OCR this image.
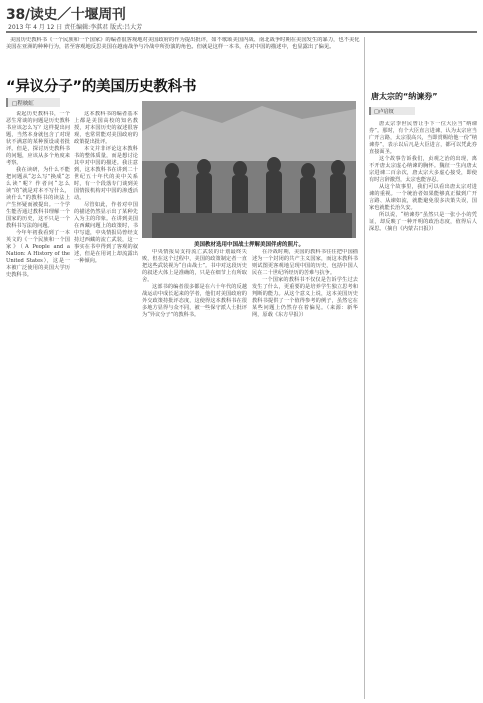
38/读史／十堰周刊
2013 年 4 月 12 日 责任编辑:李淇君 版式:吕大芳
美国历史教科书《一个民族和一个国家》的编者很客观地对美国政府的作为提出批评，如不歌颂美国内战、南北战争时期在美国发生的暴力，也不美化美国在亚洲的种种行为，甚至客观地反思美国在越南战争与冷战中所扮演的角色。但就是这样一本书，在对中国的描述中，也显露出了偏见。
“异议分子”的美国历史教科书
□程映虹

说起历史教科书，一个恶生常谈的问题是历史教科书应该怎么写？这样提出问题，当然本身就包含了对现状不满意的某种预设或者批评。但是，探讨历史教科书的问题，应该从多个角度来考察。

我在读研，为什么不能把问题从“怎么写”换成“怎么读”呢？作者问“怎么读”的“就是对本不写什么，读什么”的教科书的读法上产生怀疑而被提出。一个学生能否通过教科书理解一个国家的历史，这不只是一个教科书写法的问题。

今年年初我看到了一本英文的《一个民族和一个国家》（A People and a Nation: A History of the United States），这是一本被广泛使用的美国大学历史教科书。

这本教科书的编者基本上都是美国高校的知名教授，对本国历史的叙述很客观，也常常能对美国政府的政策提出批评。

本文并非评论这本教科书的整体质量，而是想讨论其中对中国的描述。我注意到，这本教科书在讲到二十世纪五十年代的美中关系时，有一个段落专门谈到美国情报机构对中国的渗透活动。

尽管如此，作者对中国的描述仍然显示出了某种先入为主的印象。在讲到美国在西藏问题上的政策时，书中写道，中央情报局曾经支持过西藏的流亡武装，这一事实在书中得到了客观的叙述，但是在用词上却流露出一种倾向。

美国教材选用中国战士押解美国伴虏的照片。

中央情报局支持流亡武装的计划最终失败，但在这个过程中，美国的政策制定者一直把这些武装视为“自由战士”。书中对这段历史的叙述大体上是准确的，只是在细节上有所取舍。

这部书的编者很多都是在六十年代的反越战运动中成长起来的学者，他们对美国政府的外交政策持批评态度，这使得这本教科书在很多地方显得与众不同，被一些保守派人士批评为“异议分子”的教科书。

在冷战时期，美国的教科书往往把中国描述为一个封闭的共产主义国家，而这本教科书则试图更客观地呈现中国的历史，包括中国人民在二十世纪所经历的苦难与抗争。

一个国家的教科书不仅仅是告诉学生过去发生了什么，更重要的是培养学生独立思考和判断的能力。从这个意义上说，这本美国历史教科书提供了一个值得参考的例子，虽然它在某些问题上仍然存在着偏见。（来源：新华网，原载《东方早报》）

唐太宗的“纳谏券”
□卢启钗

唐太宗李世民曾让手下一位大臣当“纳谏券”。那时，有个大臣直言进谏，认为太宗应当广开言路，太宗很高兴，当即赏赐给他一份“纳谏券”，表示以后凡是大臣进言，都可以凭此券直接面圣。

这个故事告诉我们，贞观之治的出现，离不开唐太宗虚心纳谏的胸怀。魏征一生向唐太宗进谏二百余次，唐太宗大多虚心接受，即使有时言辞激烈，太宗也能容忍。

从这个故事里，我们可以看出唐太宗对进谏的重视。一个统治者如果能够真正做到广开言路、从谏如流，就能避免很多决策失误，国家也就能长治久安。

所以说，“纳谏券”虽然只是一张小小的凭证，却反映了一种开明的政治态度，值得后人深思。（摘自《内蒙古日报》）
